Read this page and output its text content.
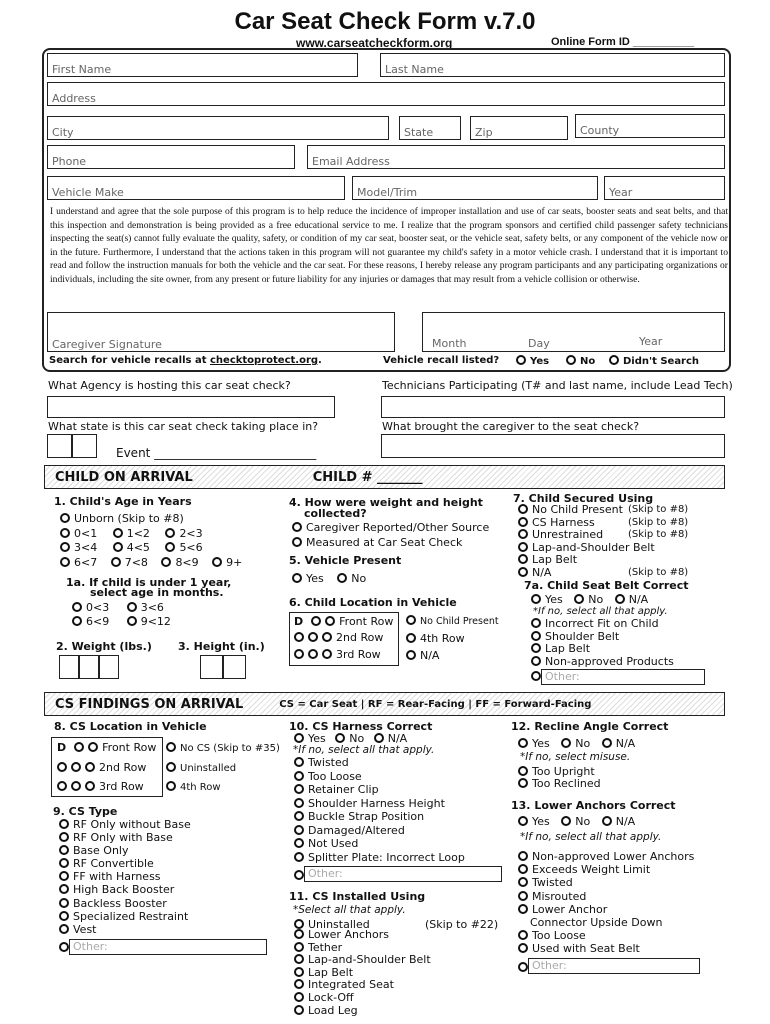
Car Seat Check Form v.7.0
www.carseatcheckform.org	Online Form ID __________
First Name	Last Name
Address
City	State	Zip	County
Phone	Email Address
Vehicle Make	Model/Trim	Year
I understand and agree that the sole purpose of this program is to help reduce the incidence of improper installation and use of car seats, booster seats and seat belts, and that this inspection and demonstration is being provided as a free educational service to me. I realize that the program sponsors and certified child passenger safety technicians inspecting the seat(s) cannot fully evaluate the quality, safety, or condition of my car seat, booster seat, or the vehicle seat, safety belts, or any component of the vehicle now or in the future. Furthermore, I understand that the actions taken in this program will not guarantee my child's safety in a motor vehicle crash. I understand that it is important to read and follow the instruction manuals for both the vehicle and the car seat. For these reasons, I hereby release any program participants and any participating organizations or individuals, including the site owner, from any present or future liability for any injuries or damages that may result from a vehicle collision or otherwise.
Caregiver Signature	Month	Day	Year
Search for vehicle recalls at checktoprotect.org.	Vehicle recall listed?	Yes	No	Didn't Search
What Agency is hosting this car seat check?	Technicians Participating (T# and last name, include Lead Tech)
What state is this car seat check taking place in?	What brought the caregiver to the seat check?
Event ___________________________
CHILD ON ARRIVAL	CHILD # _______
1. Child's Age in Years
Unborn (Skip to #8)
0<1	1<2	2<3
3<4	4<5	5<6
6<7	7<8	8<9	9+
1a. If child is under 1 year,
select age in months.
0<3	3<6
6<9	9<12
2. Weight (lbs.) 3. Height (in.)
4. How were weight and height
collected?
Caregiver Reported/Other Source
Measured at Car Seat Check
5. Vehicle Present
Yes	No
6. Child Location in Vehicle
D	Front Row
2nd Row
3rd Row
No Child Present
4th Row
N/A
7. Child Secured Using
No Child Present (Skip to #8)
CS Harness	(Skip to #8)
Unrestrained (Skip to #8)
Lap-and-Shoulder Belt
Lap Belt
N/A	(Skip to #8)
7a. Child Seat Belt Correct
Yes No N/A
*If no, select all that apply.
Incorrect Fit on Child
Shoulder Belt
Lap Belt
Non-approved Products
Other:
CS FINDINGS ON ARRIVAL	CS = Car Seat | RF = Rear-Facing | FF = Forward-Facing
8. CS Location in Vehicle
D	Front Row
2nd Row
3rd Row
No CS (Skip to #35)
Uninstalled
4th Row
9. CS Type
RF Only without Base
RF Only with Base
Base Only
RF Convertible
FF with Harness
High Back Booster
Backless Booster
Specialized Restraint
Vest
Other:
10. CS Harness Correct
Yes No N/A
*If no, select all that apply.
Twisted
Too Loose
Retainer Clip
Shoulder Harness Height
Buckle Strap Position
Damaged/Altered
Not Used
Splitter Plate: Incorrect Loop
Other:
11. CS Installed Using
*Select all that apply.
Uninstalled	(Skip to #22)
Lower Anchors
Tether
Lap-and-Shoulder Belt
Lap Belt
Integrated Seat
Lock-Off
Load Leg
12. Recline Angle Correct
Yes No N/A
*If no, select misuse.
Too Upright
Too Reclined
13. Lower Anchors Correct
Yes No N/A
*If no, select all that apply.
Non-approved Lower Anchors
Exceeds Weight Limit
Twisted
Misrouted
Lower Anchor
Connector Upside Down
Too Loose
Used with Seat Belt
Other:
